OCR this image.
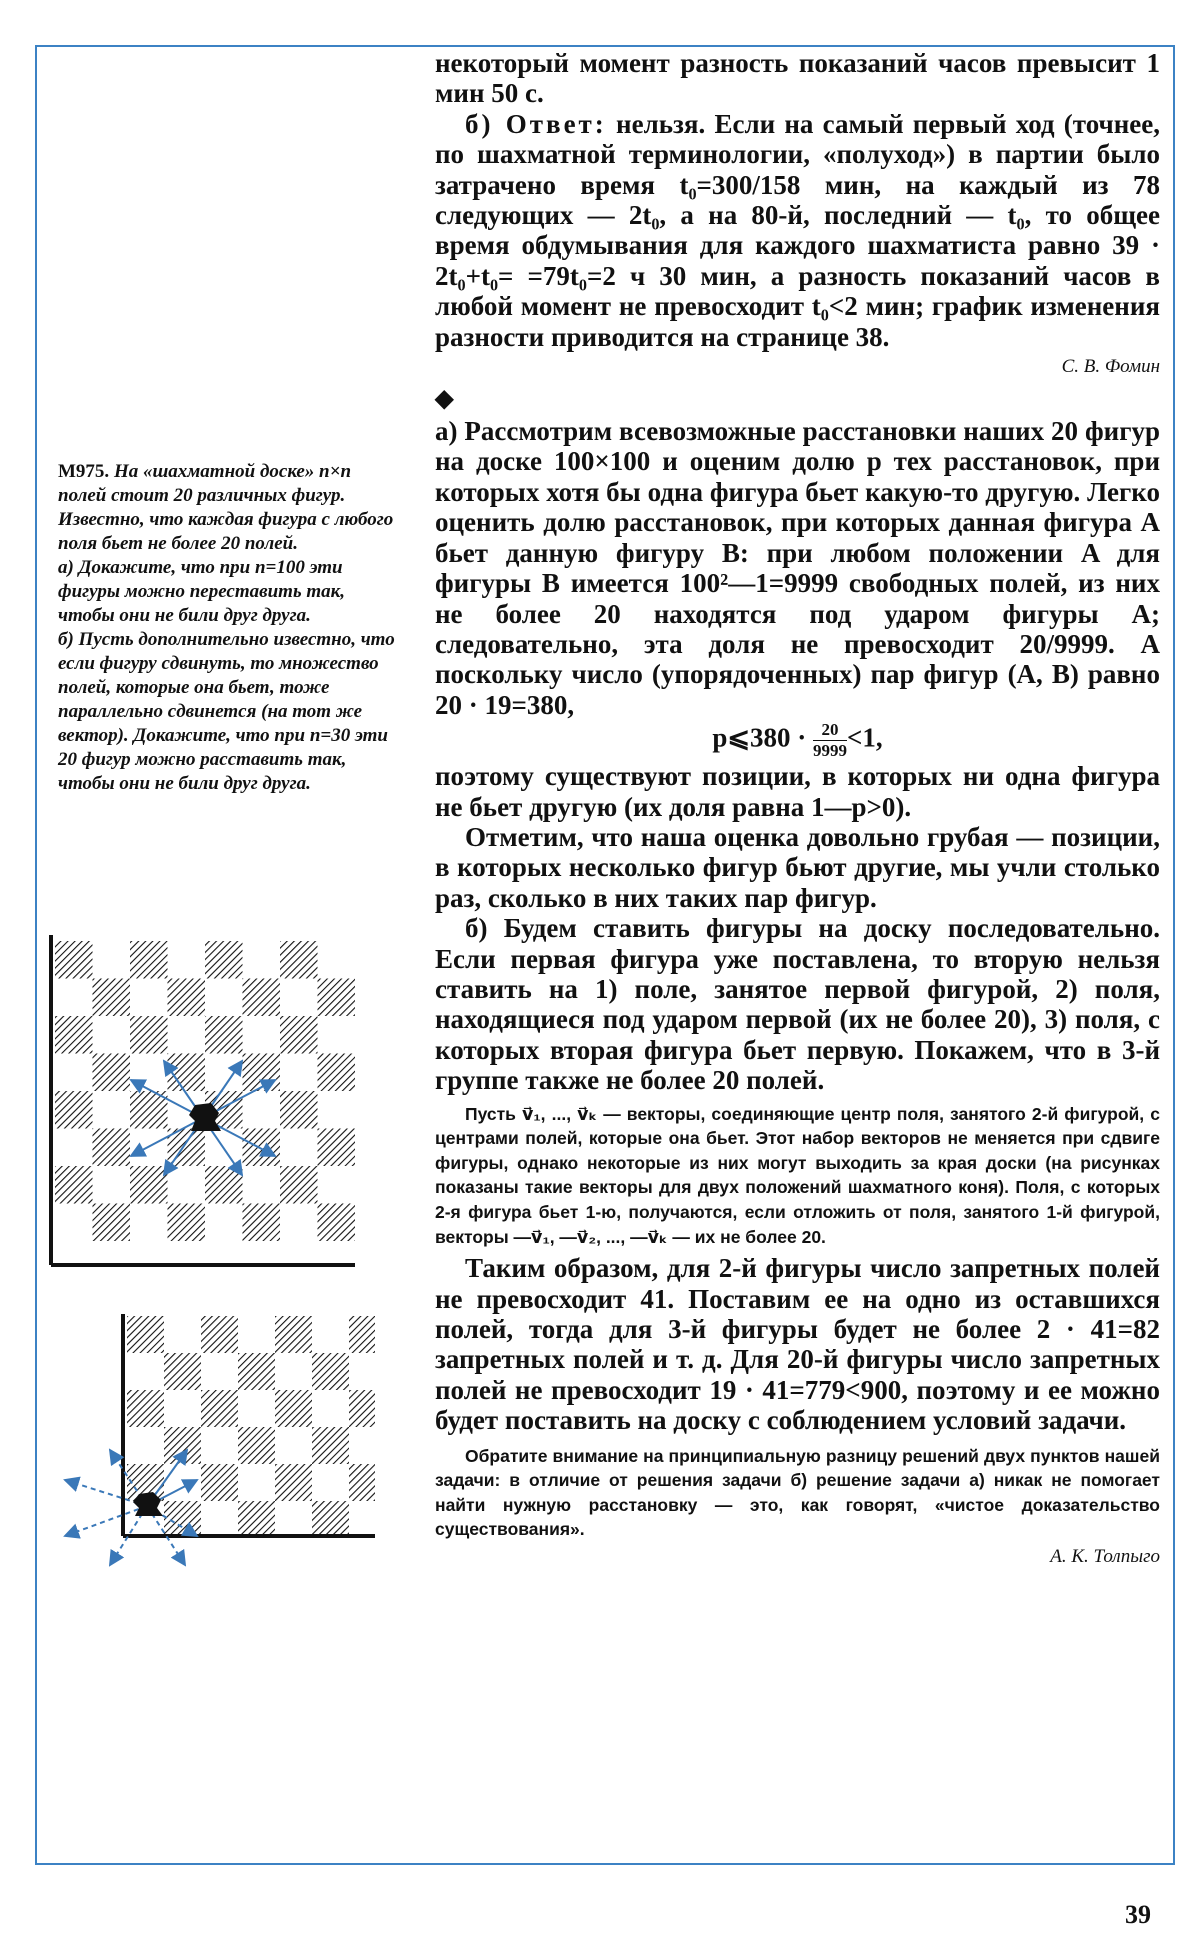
М975. На «шахматной доске» n×n полей стоит 20 различных фигур. Известно, что каждая фигура с любого поля бьет не более 20 полей.

а) Докажите, что при n=100 эти фигуры можно переставить так, чтобы они не били друг друга.

б) Пусть дополнительно известно, что если фигуру сдвинуть, то множество полей, которые она бьет, тоже параллельно сдвинется (на тот же вектор). Докажите, что при n=30 эти 20 фигур можно расставить так, чтобы они не били друг друга.

некоторый момент разность показаний часов превысит 1 мин 50 с.

б) Ответ: нельзя. Если на самый первый ход (точнее, по шахматной терминологии, «полуход») в партии было затрачено время t₀=300/158 мин, на каждый из 78 следующих — 2t₀, а на 80-й, последний — t₀, то общее время обдумывания для каждого шахматиста равно 39 · 2t₀+t₀= =79t₀=2 ч 30 мин, а разность показаний часов в любой момент не превосходит t₀<2 мин; график изменения разности приводится на странице 38.

С. В. Фомин

◆

а) Рассмотрим всевозможные расстановки наших 20 фигур на доске 100×100 и оценим долю p тех расстановок, при которых хотя бы одна фигура бьет какую-то другую. Легко оценить долю расстановок, при которых данная фигура A бьет данную фигуру B: при любом положении A для фигуры B имеется 100²—1=9999 свободных полей, из них не более 20 находятся под ударом фигуры A; следовательно, эта доля не превосходит 20/9999. А поскольку число (упорядоченных) пар фигур (A, B) равно 20 · 19=380,

p⩽380 · $\frac{20}{9999} <1$,

поэтому существуют позиции, в которых ни одна фигура не бьет другую (их доля равна 1—p>0).

Отметим, что наша оценка довольно грубая — позиции, в которых несколько фигур бьют другие, мы учли столько раз, сколько в них таких пар фигур.

б) Будем ставить фигуры на доску последовательно. Если первая фигура уже поставлена, то вторую нельзя ставить на 1) поле, занятое первой фигурой, 2) поля, находящиеся под ударом первой (их не более 20), 3) поля, с которых вторая фигура бьет первую. Покажем, что в 3-й группе также не более 20 полей.

Пусть v⃗₁, ..., v⃗ₖ — векторы, соединяющие центр поля, занятого 2-й фигурой, с центрами полей, которые она бьет. Этот набор векторов не меняется при сдвиге фигуры, однако некоторые из них могут выходить за края доски (на рисунках показаны такие векторы для двух положений шахматного коня). Поля, с которых 2-я фигура бьет 1-ю, получаются, если отложить от поля, занятого 1-й фигурой, векторы —v⃗₁, —v⃗₂, ..., —v⃗ₖ — их не более 20.

Таким образом, для 2-й фигуры число запретных полей не превосходит 41. Поставим ее на одно из оставшихся полей, тогда для 3-й фигуры будет не более 2 · 41=82 запретных полей и т. д. Для 20-й фигуры число запретных полей не превосходит 19 · 41=779<900, поэтому и ее можно будет поставить на доску с соблюдением условий задачи.

Обратите внимание на принципиальную разницу решений двух пунктов нашей задачи: в отличие от решения задачи б) решение задачи а) никак не помогает найти нужную расстановку — это, как говорят, «чистое доказательство существования».

А. К. Толпыго

39
